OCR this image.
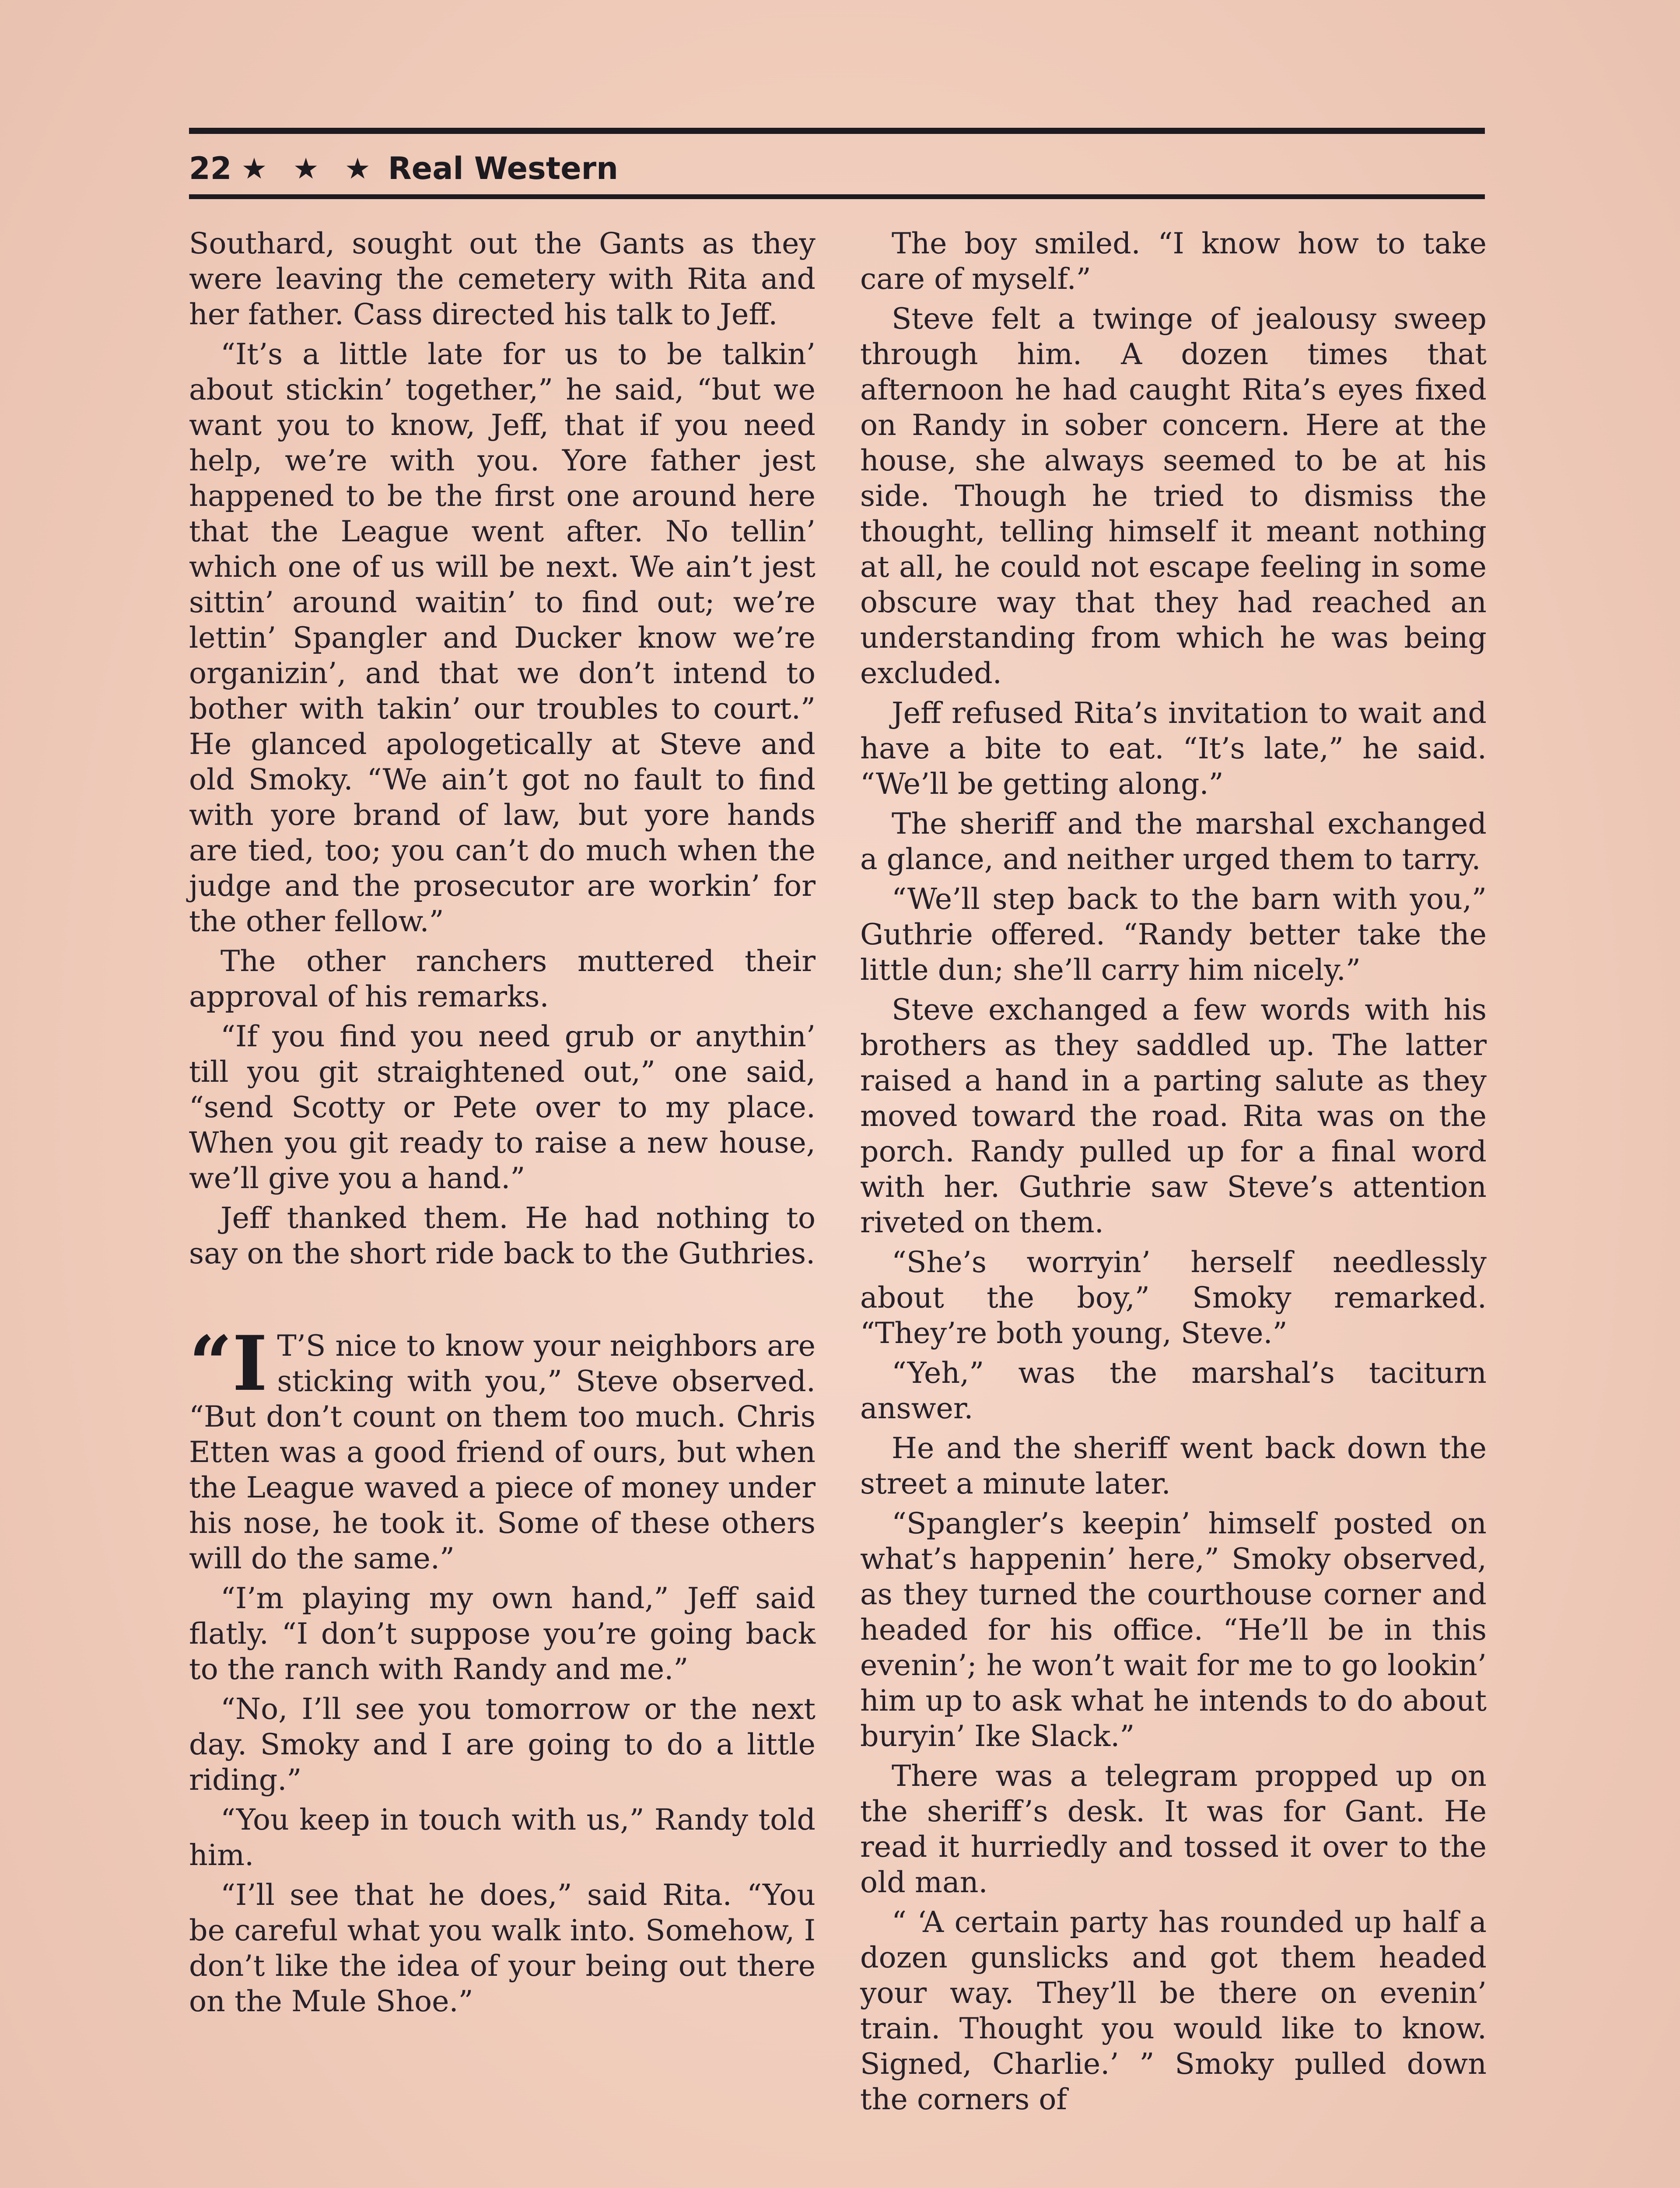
22 ★ ★ ★ Real Western

Southard, sought out the Gants as they were leaving the cemetery with Rita and her father. Cass directed his talk to Jeff.

“It’s a little late for us to be talkin’ about stickin’ together,” he said, “but we want you to know, Jeff, that if you need help, we’re with you. Yore father jest happened to be the first one around here that the League went after. No tellin’ which one of us will be next. We ain’t jest sittin’ around waitin’ to find out; we’re lettin’ Spangler and Ducker know we’re organizin’, and that we don’t intend to bother with takin’ our troubles to court.” He glanced apologetically at Steve and old Smoky. “We ain’t got no fault to find with yore brand of law, but yore hands are tied, too; you can’t do much when the judge and the prosecutor are workin’ for the other fellow.”

The other ranchers muttered their approval of his remarks.

“If you find you need grub or anythin’ till you git straightened out,” one said, “send Scotty or Pete over to my place. When you git ready to raise a new house, we’ll give you a hand.”

Jeff thanked them. He had nothing to say on the short ride back to the Guthries.

“I T’S nice to know your neighbors are sticking with you,” Steve observed. “But don’t count on them too much. Chris Etten was a good friend of ours, but when the League waved a piece of money under his nose, he took it. Some of these others will do the same.”

“I’m playing my own hand,” Jeff said flatly. “I don’t suppose you’re going back to the ranch with Randy and me.”

“No, I’ll see you tomorrow or the next day. Smoky and I are going to do a little riding.”

“You keep in touch with us,” Randy told him.

“I’ll see that he does,” said Rita. “You be careful what you walk into. Somehow, I don’t like the idea of your being out there on the Mule Shoe.”

The boy smiled. “I know how to take care of myself.”

Steve felt a twinge of jealousy sweep through him. A dozen times that afternoon he had caught Rita’s eyes fixed on Randy in sober concern. Here at the house, she always seemed to be at his side. Though he tried to dismiss the thought, telling himself it meant nothing at all, he could not escape feeling in some obscure way that they had reached an understanding from which he was being excluded.

Jeff refused Rita’s invitation to wait and have a bite to eat. “It’s late,” he said. “We’ll be getting along.”

The sheriff and the marshal exchanged a glance, and neither urged them to tarry.

“We’ll step back to the barn with you,” Guthrie offered. “Randy better take the little dun; she’ll carry him nicely.”

Steve exchanged a few words with his brothers as they saddled up. The latter raised a hand in a parting salute as they moved toward the road. Rita was on the porch. Randy pulled up for a final word with her. Guthrie saw Steve’s attention riveted on them.

“She’s worryin’ herself needlessly about the boy,” Smoky remarked. “They’re both young, Steve.”

“Yeh,” was the marshal’s taciturn answer.

He and the sheriff went back down the street a minute later.

“Spangler’s keepin’ himself posted on what’s happenin’ here,” Smoky observed, as they turned the courthouse corner and headed for his office. “He’ll be in this evenin’; he won’t wait for me to go lookin’ him up to ask what he intends to do about buryin’ Ike Slack.”

There was a telegram propped up on the sheriff’s desk. It was for Gant. He read it hurriedly and tossed it over to the old man.

“ ‘A certain party has rounded up half a dozen gunslicks and got them headed your way. They’ll be there on evenin’ train. Thought you would like to know. Signed, Charlie.’ ” Smoky pulled down the corners of
